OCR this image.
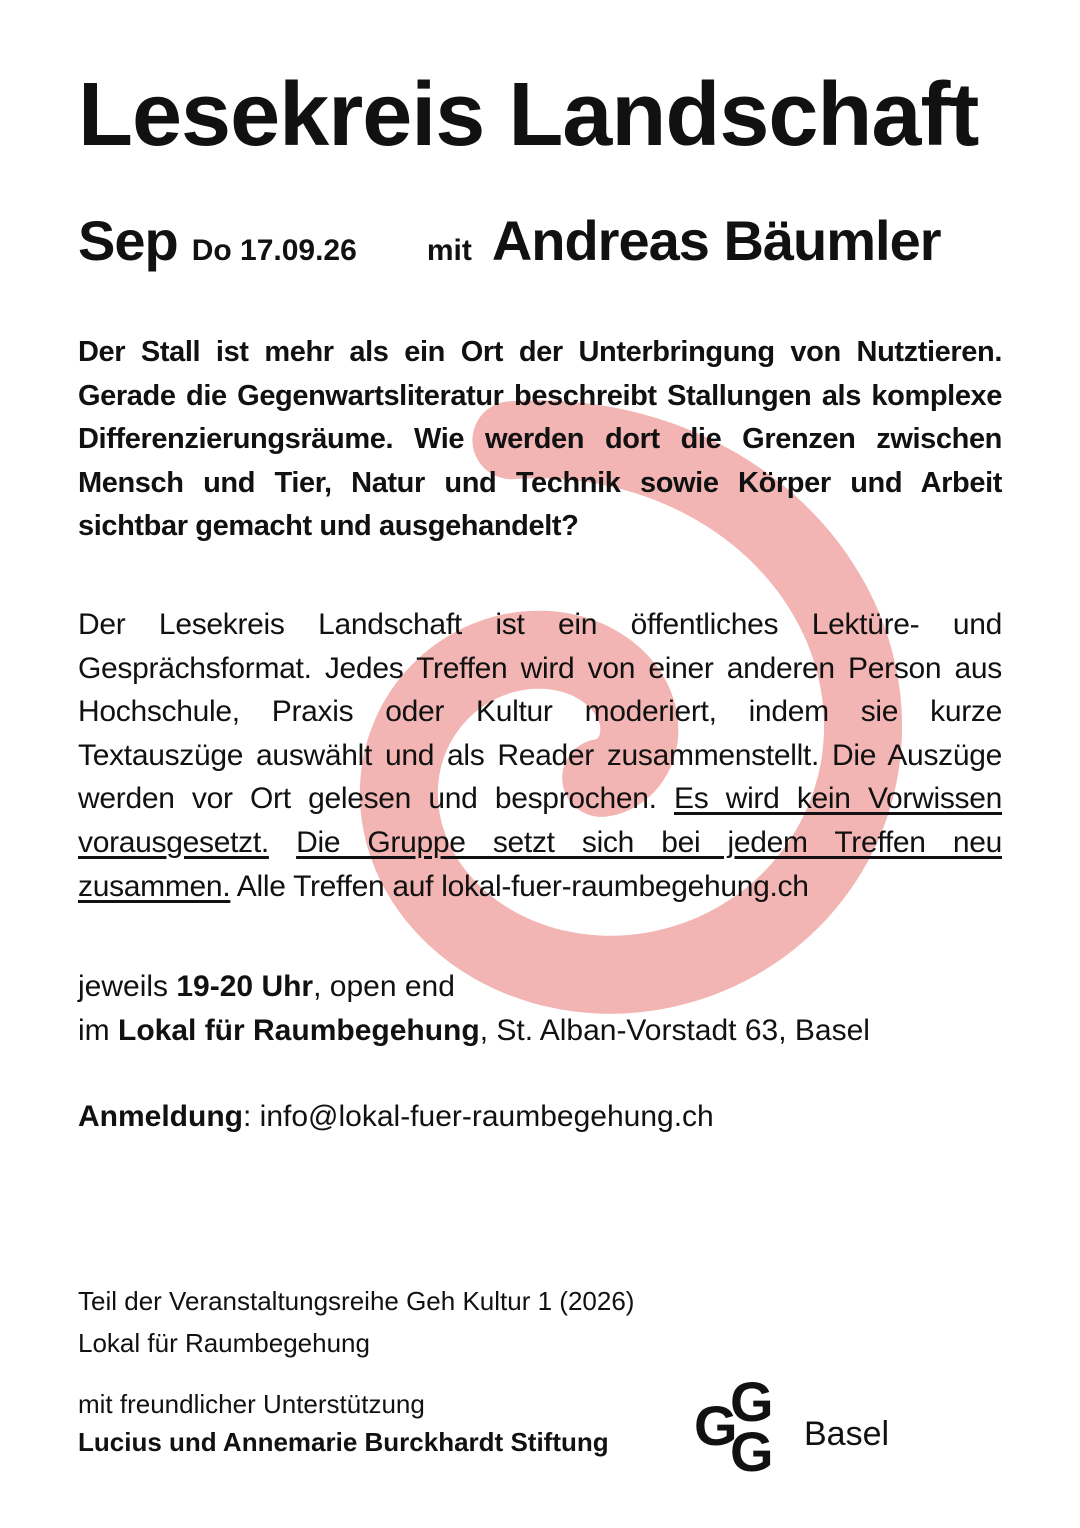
Lesekreis Landschaft
Sep Do 17.09.26 mit Andreas Bäumler

Der Stall ist mehr als ein Ort der Unterbringung von Nutztieren. Gerade die Gegenwartsliteratur beschreibt Stallungen als komplexe Differenzierungsräume. Wie werden dort die Grenzen zwischen Mensch und Tier, Natur und Technik sowie Körper und Arbeit sichtbar gemacht und ausgehandelt?

Der Lesekreis Landschaft ist ein öffentliches Lektüre- und Gesprächsformat. Jedes Treffen wird von einer anderen Person aus Hochschule, Praxis oder Kultur moderiert, indem sie kurze Textauszüge auswählt und als Reader zusammenstellt. Die Auszüge werden vor Ort gelesen und besprochen. Es wird kein Vorwissen vorausgesetzt. Die Gruppe setzt sich bei jedem Treffen neu zusammen. Alle Treffen auf lokal-fuer-raumbegehung.ch

jeweils 19-20 Uhr, open end
im Lokal für Raumbegehung, St. Alban-Vorstadt 63, Basel
Anmeldung: info@lokal-fuer-raumbegehung.ch
Teil der Veranstaltungsreihe Geh Kultur 1 (2026)
Lokal für Raumbegehung
mit freundlicher Unterstützung
Lucius und Annemarie Burckhardt Stiftung
G
G
G Basel
